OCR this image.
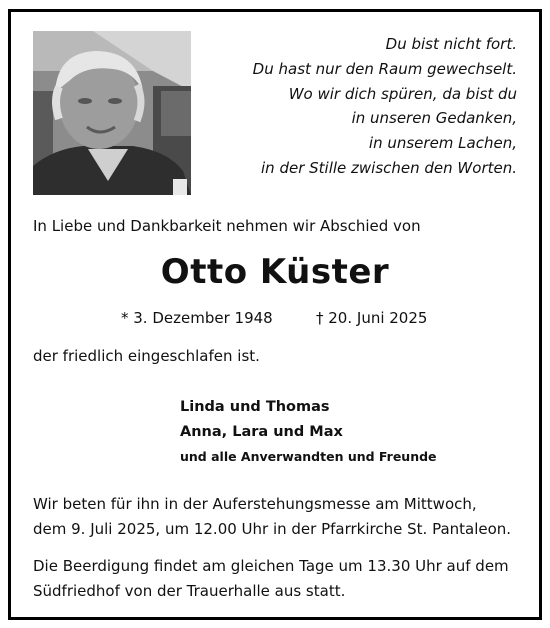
Du bist nicht fort.
Du hast nur den Raum gewechselt.
Wo wir dich spüren, da bist du
in unseren Gedanken,
in unserem Lachen,
in der Stille zwischen den Worten.
In Liebe und Dankbarkeit nehmen wir Abschied von
Otto Küster
* 3. Dezember 1948	† 20. Juni 2025
der friedlich eingeschlafen ist.
Linda und Thomas
Anna, Lara und Max
und alle Anverwandten und Freunde
Wir beten für ihn in der Auferstehungsmesse am Mittwoch,
dem 9. Juli 2025, um 12.00 Uhr in der Pfarrkirche St. Pantaleon.
Die Beerdigung findet am gleichen Tage um 13.30 Uhr auf dem
Südfriedhof von der Trauerhalle aus statt.
